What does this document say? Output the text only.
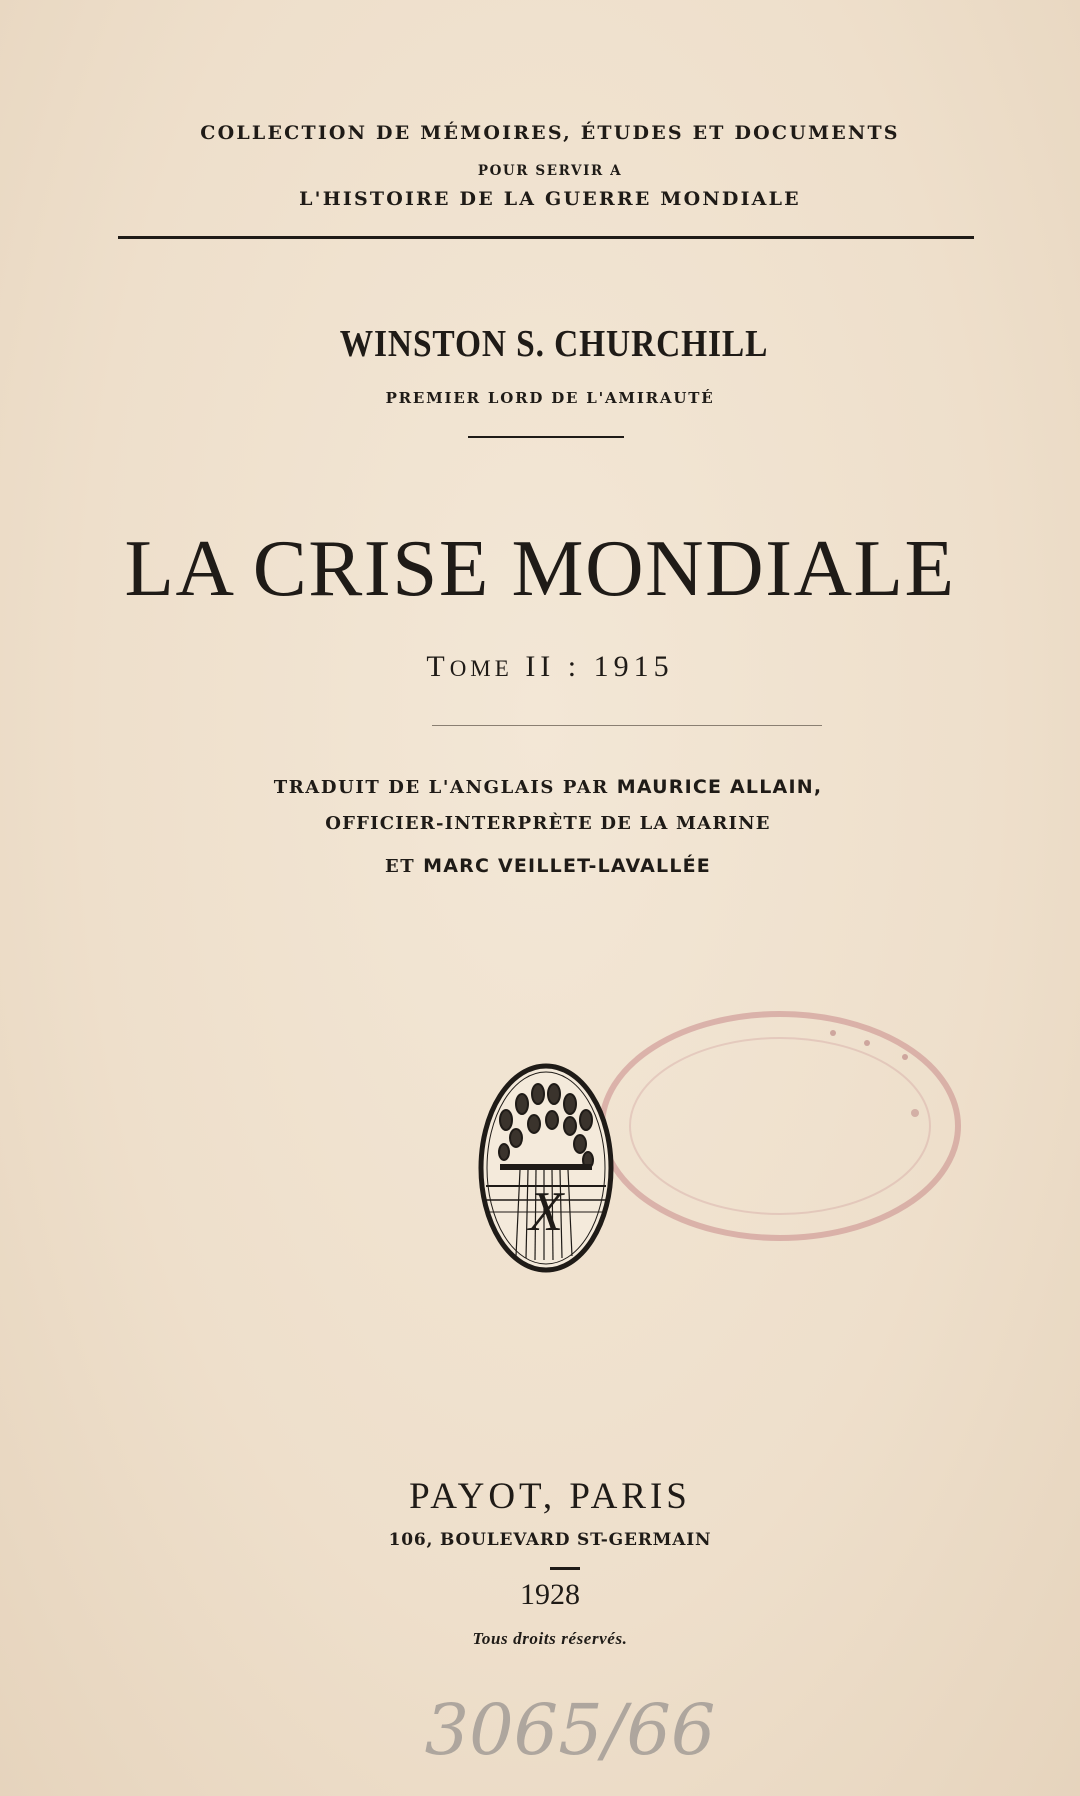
COLLECTION DE MÉMOIRES, ÉTUDES ET DOCUMENTS
POUR SERVIR A
L'HISTOIRE DE LA GUERRE MONDIALE
WINSTON S. CHURCHILL
PREMIER LORD DE L'AMIRAUTÉ
LA CRISE MONDIALE
TOME II : 1915
TRADUIT DE L'ANGLAIS PAR MAURICE ALLAIN,
OFFICIER-INTERPRÈTE DE LA MARINE
ET MARC VEILLET-LAVALLÉE
X
PAYOT, PARIS
106, BOULEVARD ST-GERMAIN
1928
Tous droits réservés.
3065/66
